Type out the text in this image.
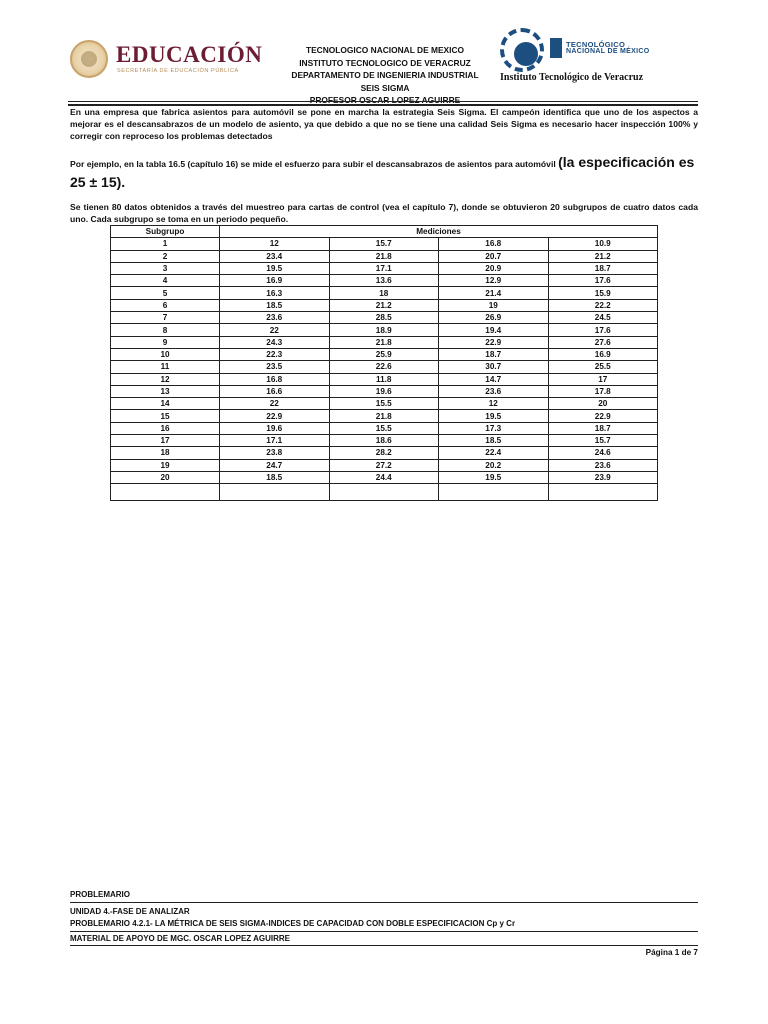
EDUCACIÓN
SECRETARÍA DE EDUCACIÓN PÚBLICA
TECNOLOGICO NACIONAL DE MEXICO
INSTITUTO TECNOLOGICO DE VERACRUZ
DEPARTAMENTO DE INGENIERIA INDUSTRIAL
SEIS SIGMA
PROFESOR OSCAR LOPEZ AGUIRRE
TECNOLÓGICO
NACIONAL DE MÉXICO
Instituto Tecnológico de Veracruz

En una empresa que fabrica asientos para automóvil se pone en marcha la estrategia Seis Sigma. El campeón identifica que uno de los aspectos a mejorar es el descansabrazos de un modelo de asiento, ya que debido a que no se tiene una calidad Seis Sigma es necesario hacer inspección 100% y corregir con reproceso los problemas detectados

Por ejemplo, en la tabla 16.5 (capítulo 16) se mide el esfuerzo para subir el descansabrazos de asientos para automóvil (la especificación es 25 ± 15).

Se tienen 80 datos obtenidos a través del muestreo para cartas de control (vea el capítulo 7), donde se obtuvieron 20 subgrupos de cuatro datos cada uno. Cada subgrupo se toma en un periodo pequeño.

Subgrupo	Mediciones			
1	12	15.7	16.8	10.9
2	23.4	21.8	20.7	21.2
3	19.5	17.1	20.9	18.7
4	16.9	13.6	12.9	17.6
5	16.3	18	21.4	15.9
6	18.5	21.2	19	22.2
7	23.6	28.5	26.9	24.5
8	22	18.9	19.4	17.6
9	24.3	21.8	22.9	27.6
10	22.3	25.9	18.7	16.9
11	23.5	22.6	30.7	25.5
12	16.8	11.8	14.7	17
13	16.6	19.6	23.6	17.8
14	22	15.5	12	20
15	22.9	21.8	19.5	22.9
16	19.6	15.5	17.3	18.7
17	17.1	18.6	18.5	15.7
18	23.8	28.2	22.4	24.6
19	24.7	27.2	20.2	23.6
20	18.5	24.4	19.5	23.9

PROBLEMARIO
UNIDAD 4.-FASE DE ANALIZAR
PROBLEMARIO 4.2.1- LA MÉTRICA DE SEIS SIGMA-INDICES DE CAPACIDAD CON DOBLE ESPECIFICACION Cp y Cr
MATERIAL DE APOYO DE MGC. OSCAR LOPEZ AGUIRRE
Página 1 de 7
